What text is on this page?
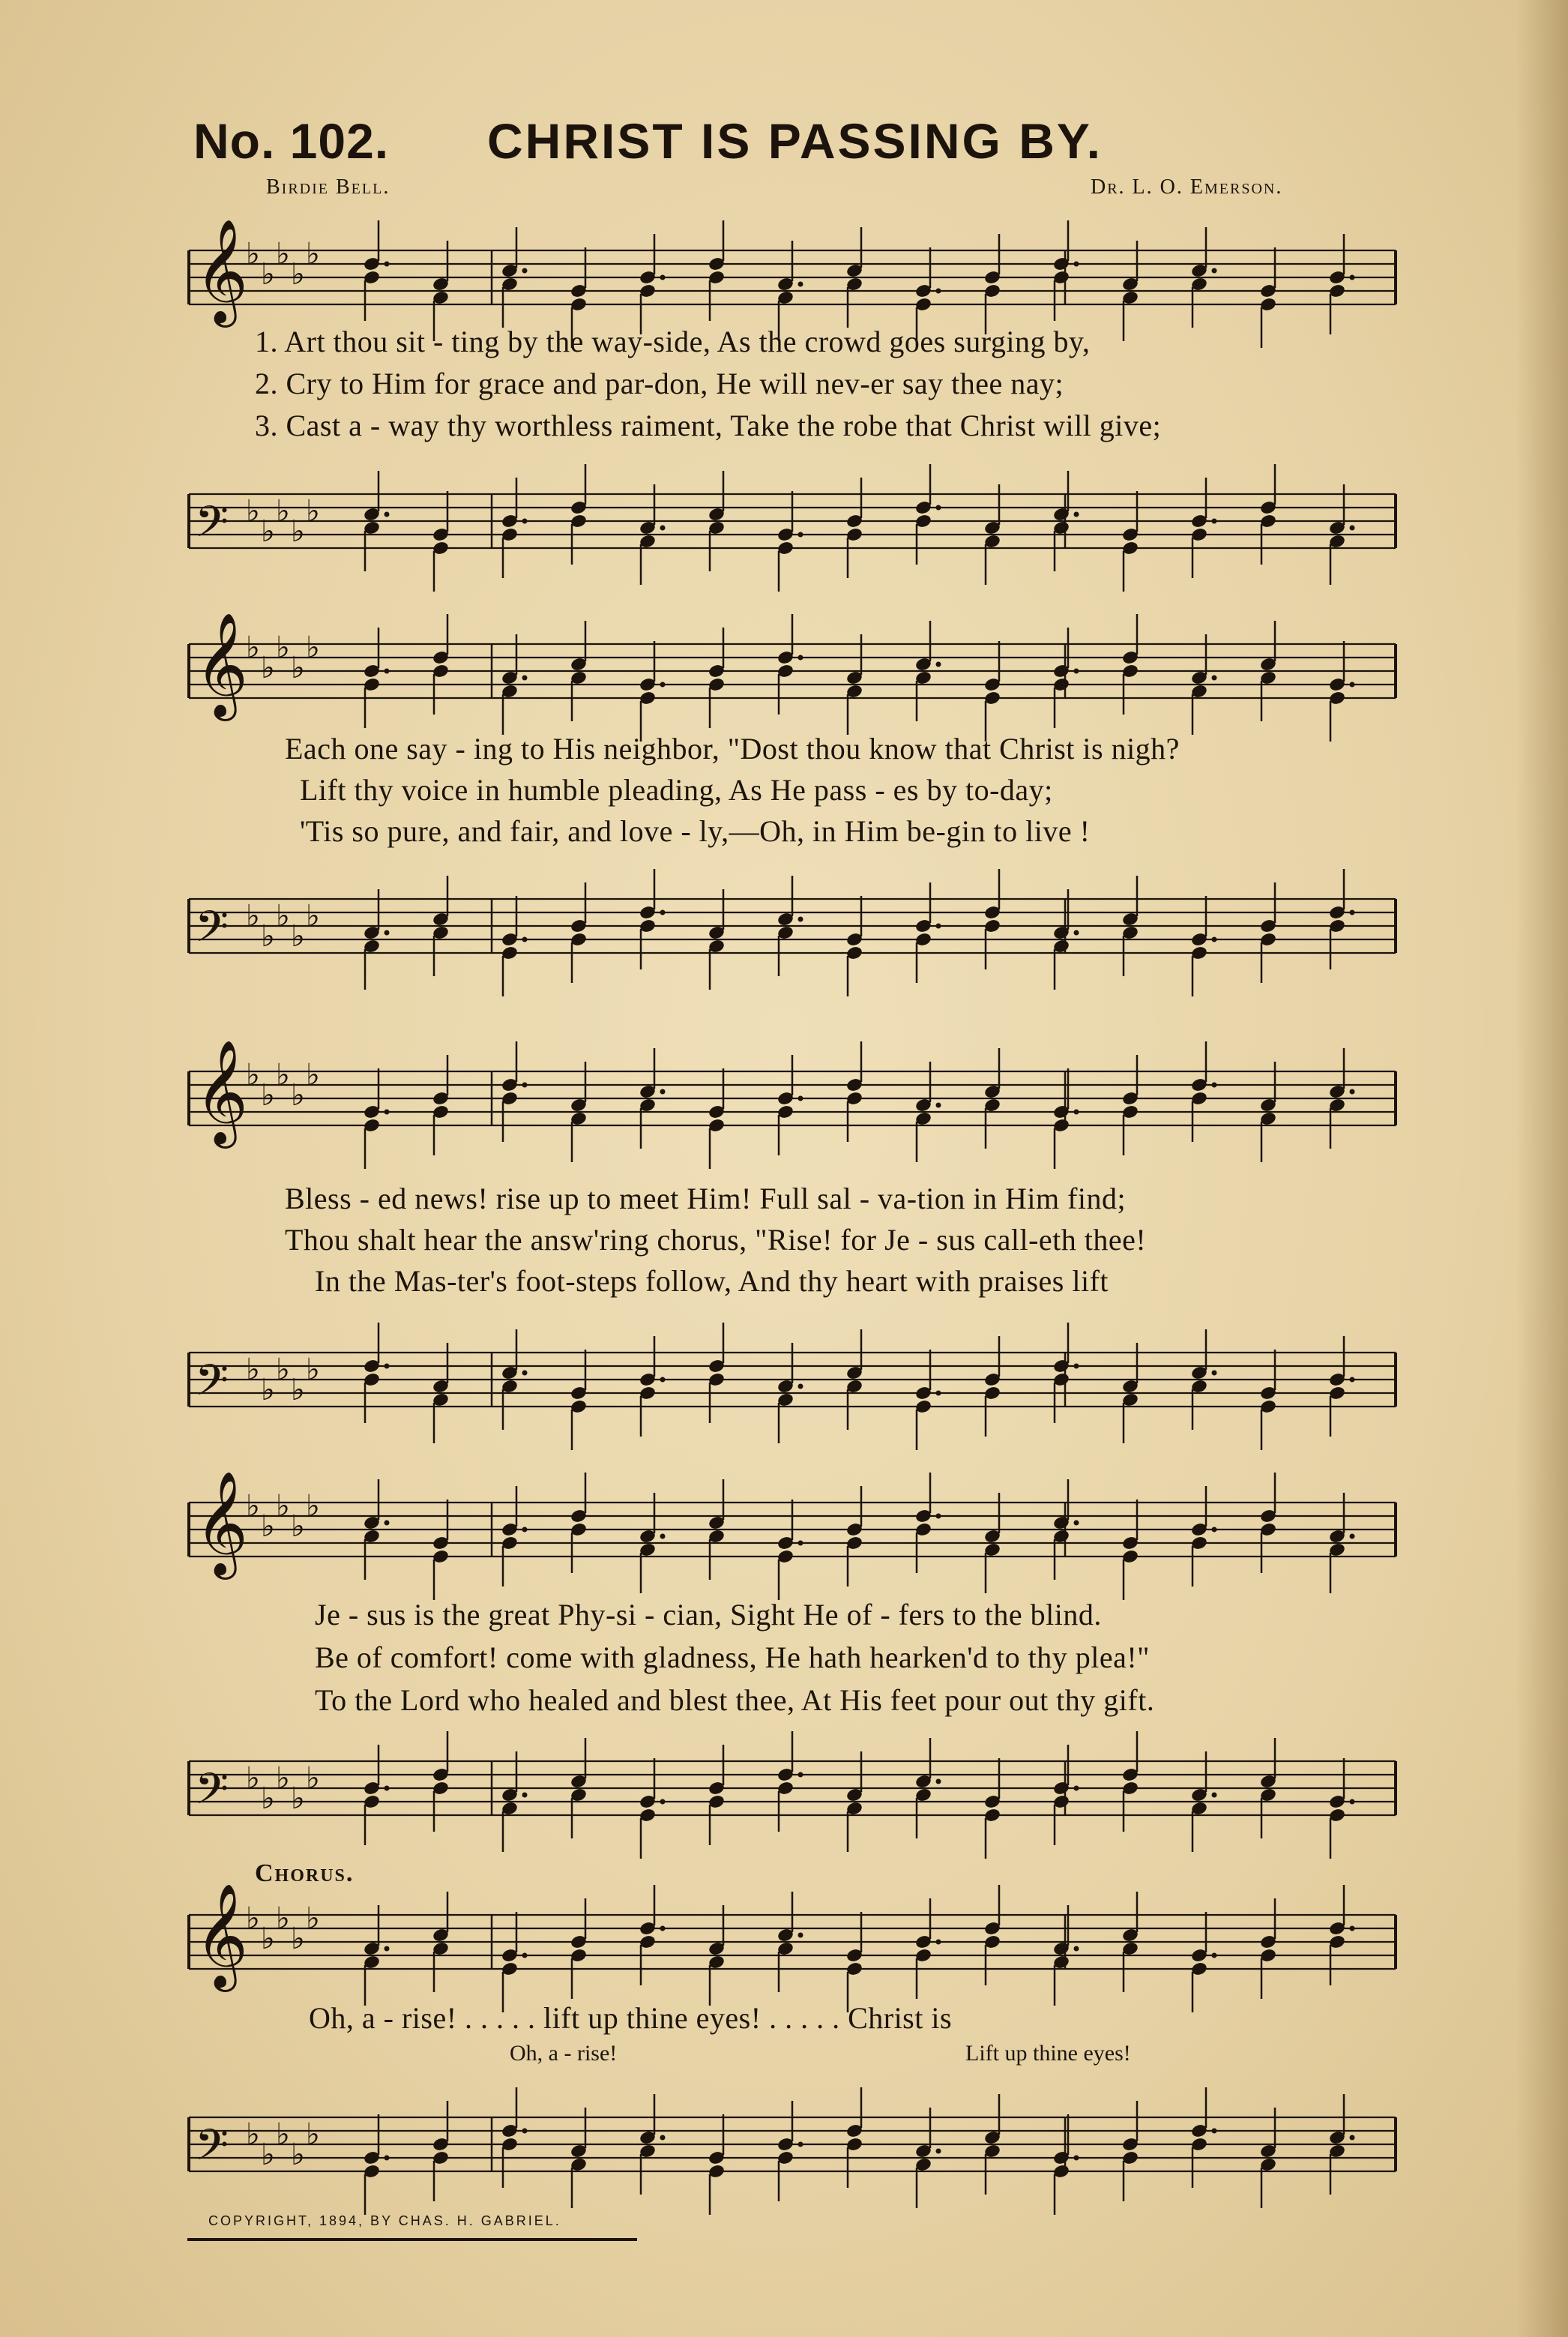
No. 102. CHRIST IS PASSING BY.
Birdie Bell.	Dr. L. O. Emerson.
𝄞
♭
♭
♭
♭
♭
1. Art thou sit - ting by the way-side, As the crowd goes surging by,
2. Cry to Him for grace and par-don, He will nev-er say thee nay;
3. Cast a - way thy worthless raiment, Take the robe that Christ will give;
𝄢 ♭
♭
♭
♭
♭
𝄞
♭
♭
♭
♭
♭
Each one say - ing to His neighbor, "Dost thou know that Christ is nigh?
Lift thy voice in humble pleading, As He pass - es by to-day;
'Tis so pure, and fair, and love - ly,—Oh, in Him be-gin to live !
𝄢 ♭
♭
♭
♭
♭
𝄞
♭
♭
♭
♭
♭
Bless - ed news! rise up to meet Him! Full sal - va-tion in Him find;
Thou shalt hear the answ'ring chorus, "Rise! for Je - sus call-eth thee!
In the Mas-ter's foot-steps follow, And thy heart with praises lift
𝄢 ♭
♭
♭
♭
♭
𝄞
♭
♭
♭
♭
♭
Je - sus is the great Phy-si - cian, Sight He of - fers to the blind.
Be of comfort! come with gladness, He hath hearken'd to thy plea!"
To the Lord who healed and blest thee, At His feet pour out thy gift.
𝄢 ♭
♭
♭
♭
♭
Chorus.
𝄞
♭
♭
♭
♭
♭
Oh, a - rise! . . . . . lift up thine eyes! . . . . . Christ is
Oh, a - rise!	Lift up thine eyes!
𝄢 ♭
♭
♭
♭
♭
COPYRIGHT, 1894, BY CHAS. H. GABRIEL.
